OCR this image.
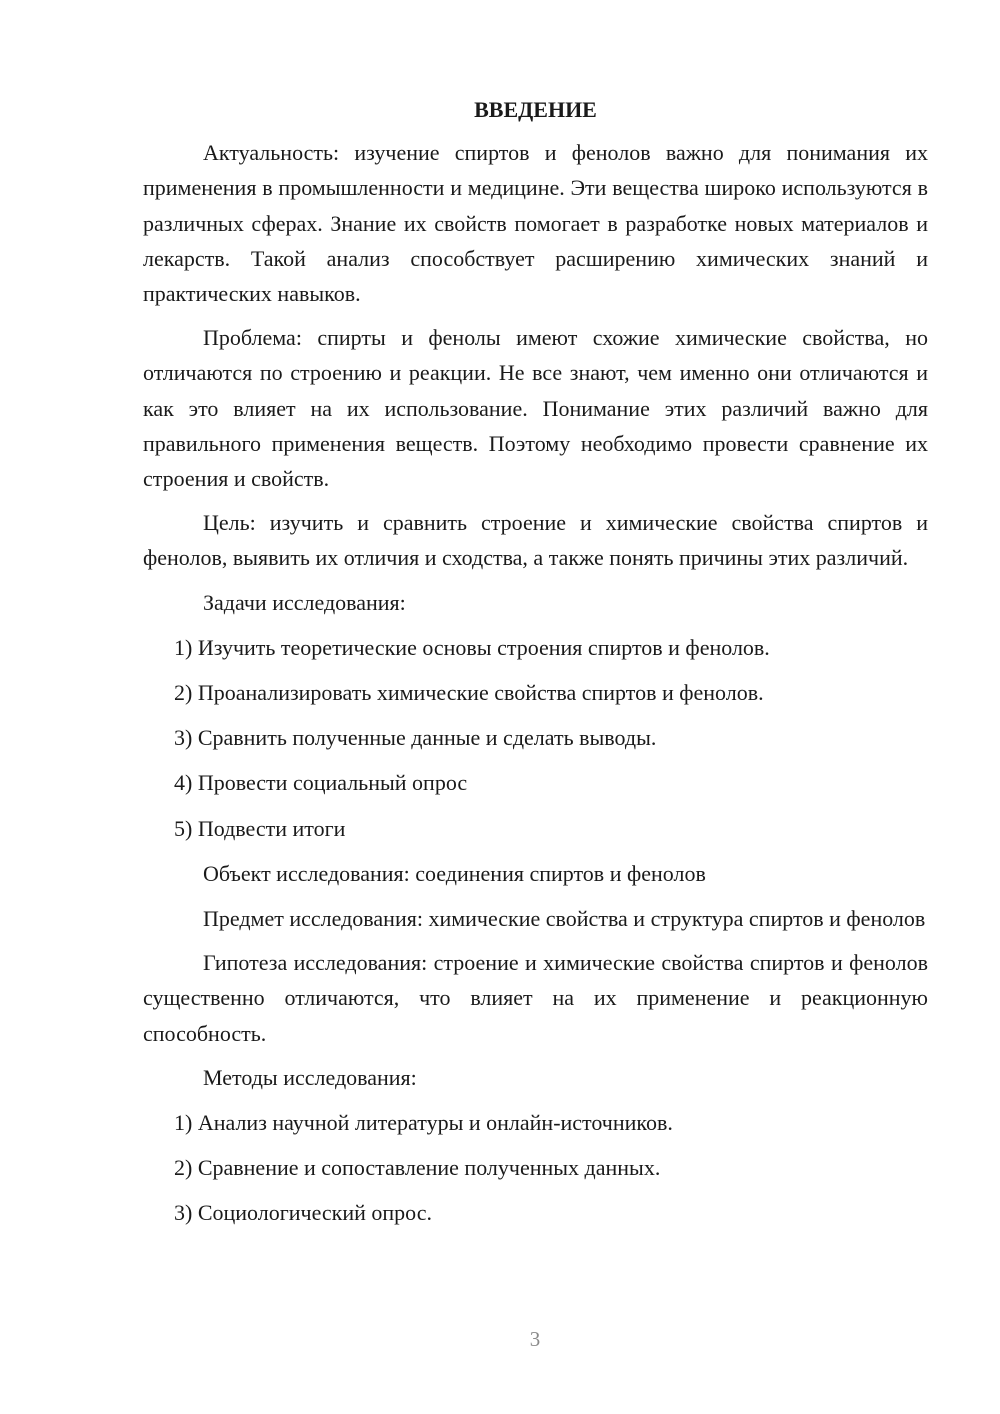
ВВЕДЕНИЕ

Актуальность: изучение спиртов и фенолов важно для понимания их применения в промышленности и медицине. Эти вещества широко используются в различных сферах. Знание их свойств помогает в разработке новых материалов и лекарств. Такой анализ способствует расширению химических знаний и практических навыков.

Проблема: спирты и фенолы имеют схожие химические свойства, но отличаются по строению и реакции. Не все знают, чем именно они отличаются и как это влияет на их использование. Понимание этих различий важно для правильного применения веществ. Поэтому необходимо провести сравнение их строения и свойств.

Цель: изучить и сравнить строение и химические свойства спиртов и фенолов, выявить их отличия и сходства, а также понять причины этих различий.

Задачи исследования:
1) Изучить теоретические основы строения спиртов и фенолов.
2) Проанализировать химические свойства спиртов и фенолов.
3) Сравнить полученные данные и сделать выводы.
4) Провести социальный опрос
5) Подвести итоги
Объект исследования: соединения спиртов и фенолов

Предмет исследования: химические свойства и структура спиртов и фенолов

Гипотеза исследования: строение и химические свойства спиртов и фенолов существенно отличаются, что влияет на их применение и реакционную способность.

Методы исследования:
1) Анализ научной литературы и онлайн-источников.
2) Сравнение и сопоставление полученных данных.
3) Социологический опрос.
3
